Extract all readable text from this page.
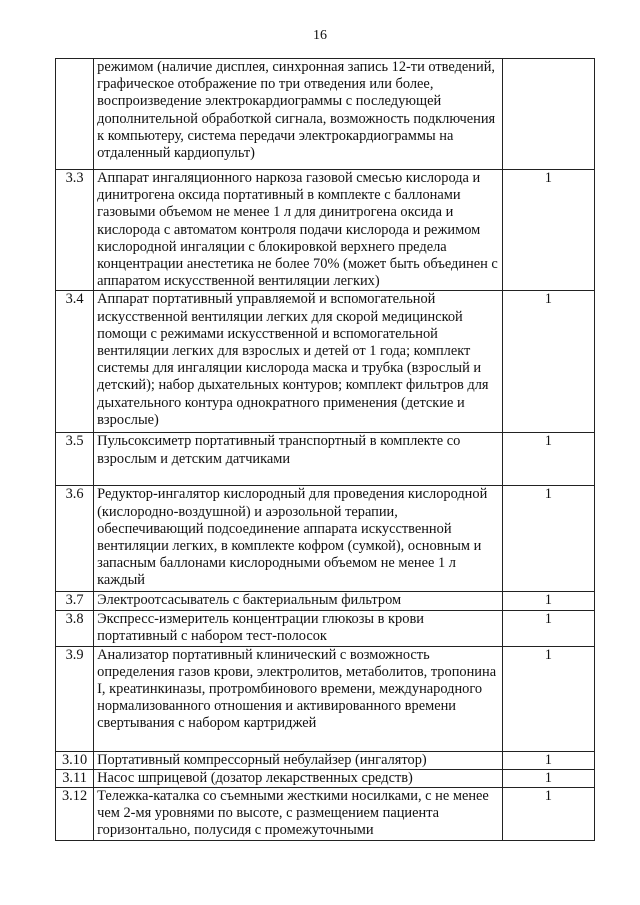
16

	режимом (наличие дисплея, синхронная запись 12-ти отведений, графическое отображение по три отведения или более, воспроизведение электрокардиограммы с последующей дополнительной обработкой сигнала, возможность подключения к компьютеру, система передачи электрокардиограммы на отдаленный кардиопульт)	

3.3	Аппарат ингаляционного наркоза газовой смесью кислорода и динитрогена оксида портативный в комплекте с баллонами газовыми объемом не менее 1 л для динитрогена оксида и кислорода с автоматом контроля подачи кислорода и режимом кислородной ингаляции с блокировкой верхнего предела концентрации анестетика не более 70% (может быть объединен с аппаратом искусственной вентиляции легких)	1
3.4	Аппарат портативный управляемой и вспомогательной искусственной вентиляции легких для скорой медицинской помощи с режимами искусственной и вспомогательной вентиляции легких для взрослых и детей от 1 года; комплект системы для ингаляции кислорода маска и трубка (взрослый и детский); набор дыхательных контуров; комплект фильтров для дыхательного контура однократного применения (детские и взрослые)	1
3.5	Пульсоксиметр портативный транспортный в комплекте со взрослым и детским датчиками	1
3.6	Редуктор-ингалятор кислородный для проведения кислородной (кислородно-воздушной) и аэрозольной терапии, обеспечивающий подсоединение аппарата искусственной вентиляции легких, в комплекте кофром (сумкой), основным и запасным баллонами кислородными объемом не менее 1 л каждый	1
3.7	Электроотсасыватель с бактериальным фильтром	1
3.8	Экспресс-измеритель концентрации глюкозы в крови портативный с набором тест-полосок	1
3.9	Анализатор портативный клинический с возможность определения газов крови, электролитов, метаболитов, тропонина I, креатинкиназы, протромбинового времени, международного нормализованного отношения и активированного времени свертывания с набором картриджей	1
3.10	Портативный компрессорный небулайзер (ингалятор)	1
3.11	Насос шприцевой (дозатор лекарственных средств)	1
3.12	Тележка-каталка со съемными жесткими носилками, с не менее чем 2-мя уровнями по высоте, с размещением пациента горизонтально, полусидя с промежуточными	1
